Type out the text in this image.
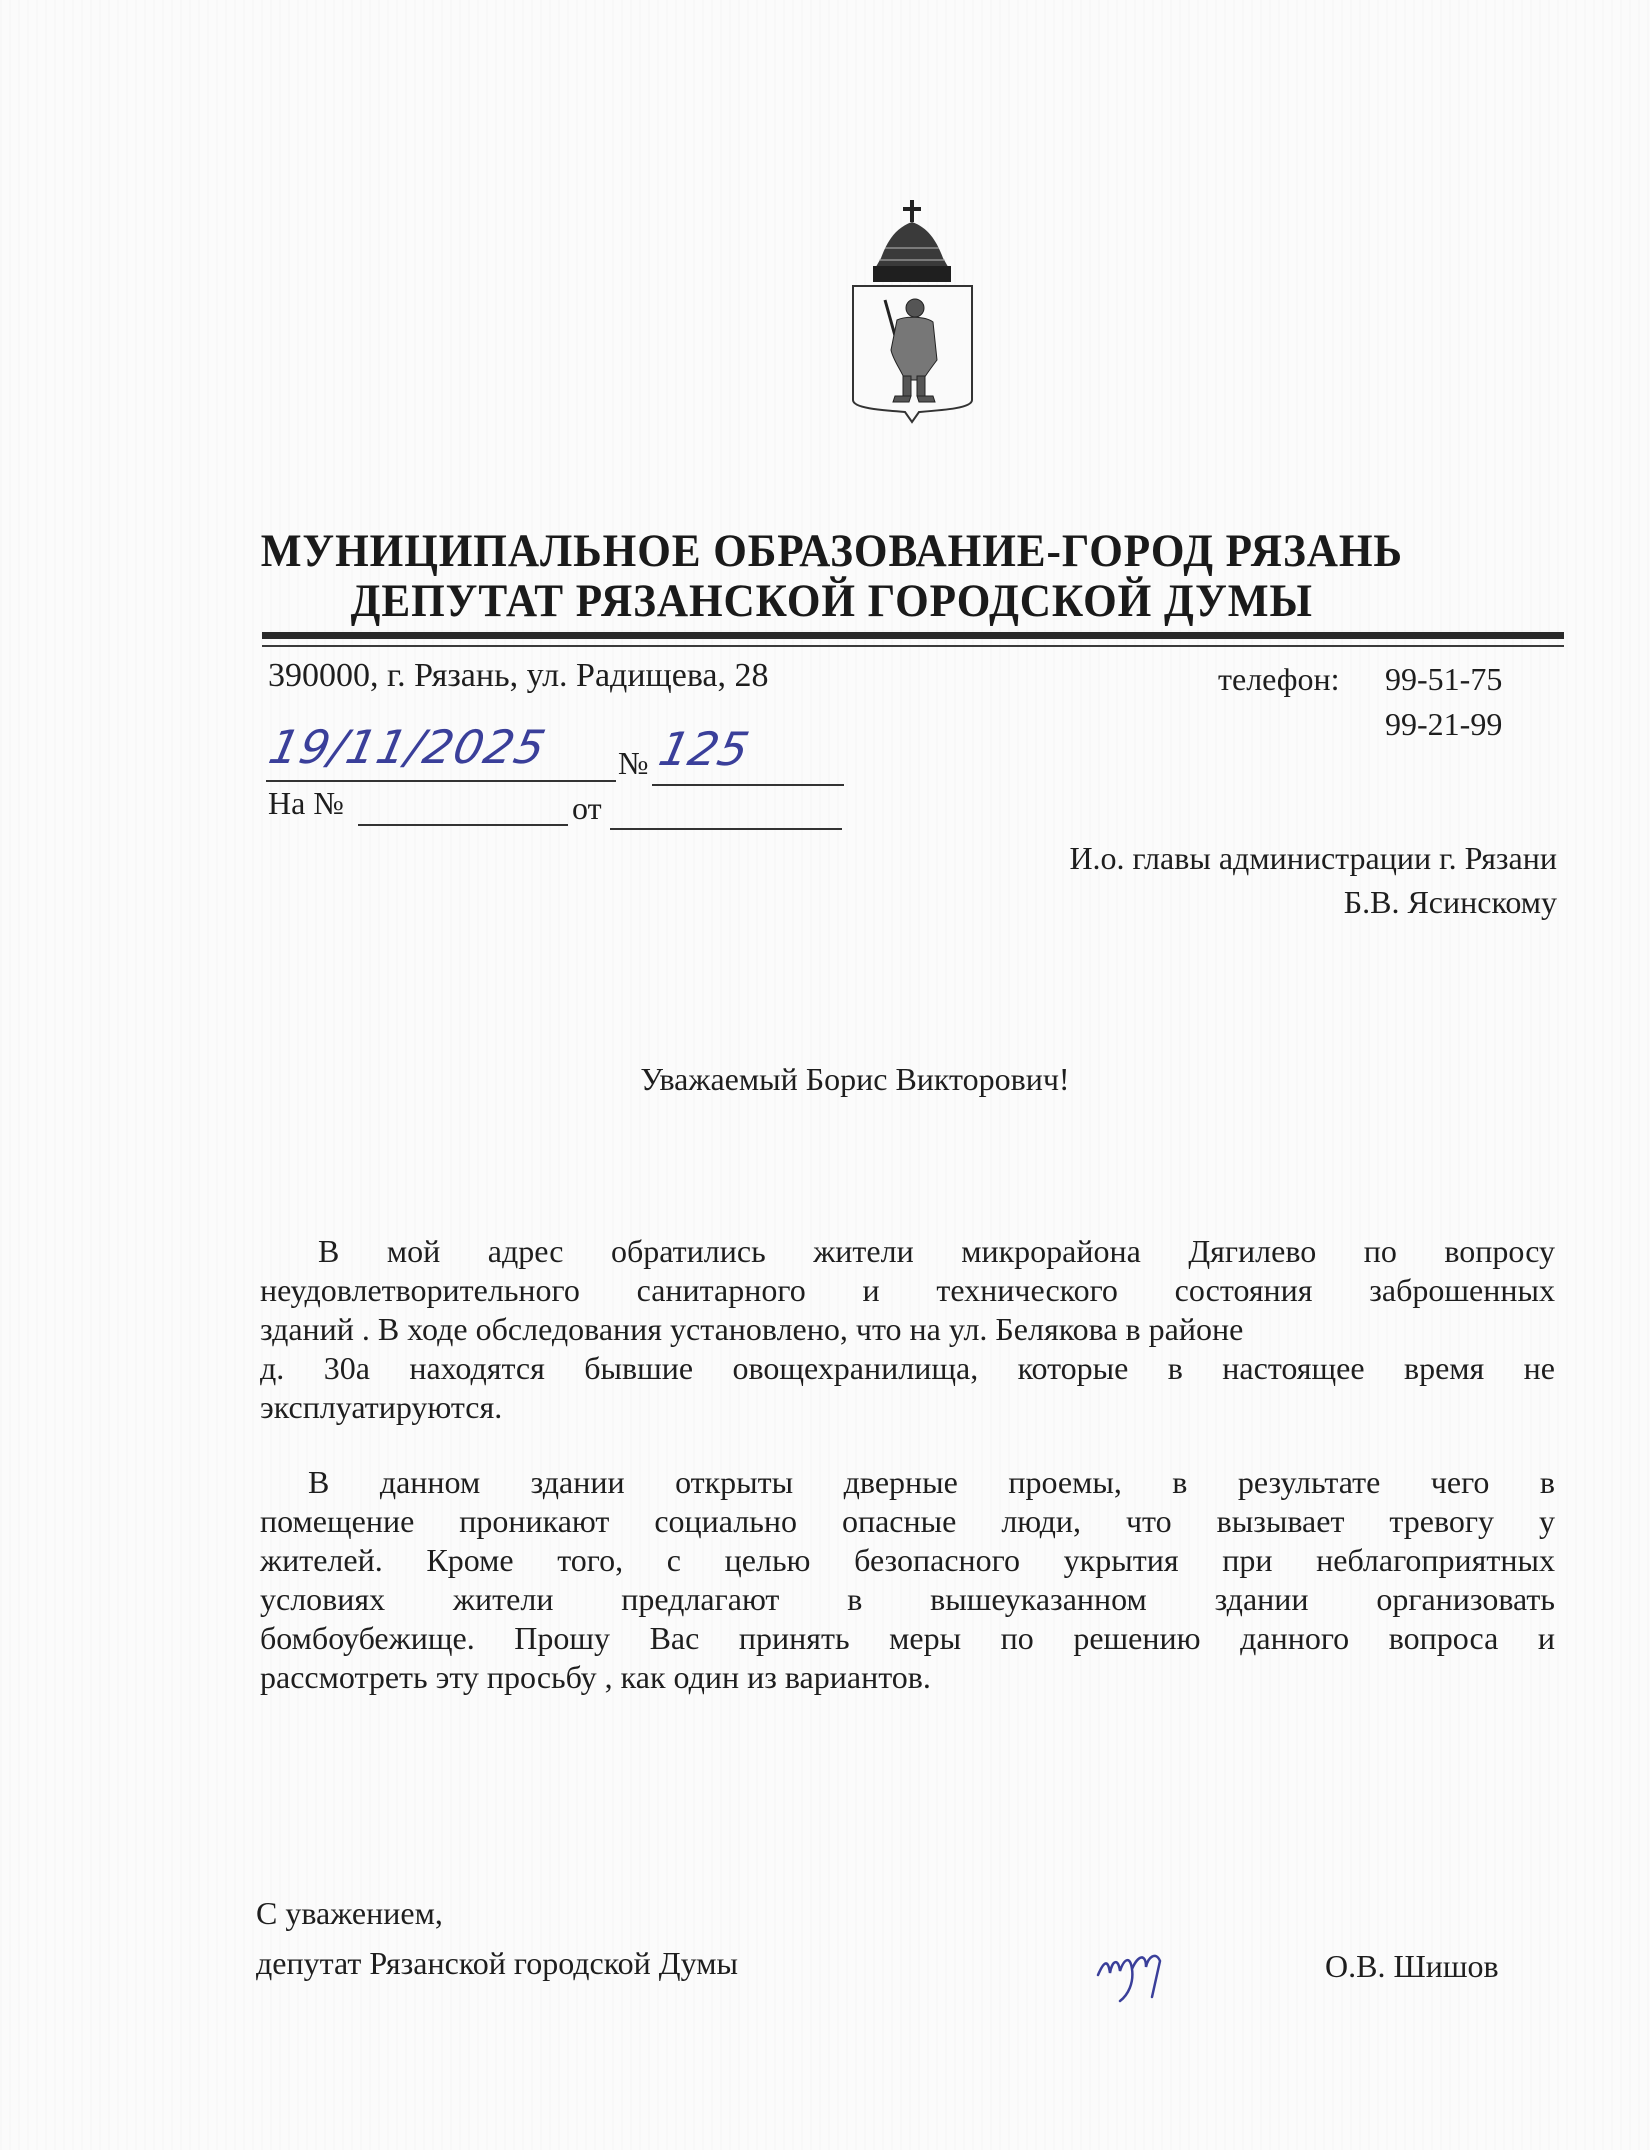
МУНИЦИПАЛЬНОЕ ОБРАЗОВАНИЕ-ГОРОД РЯЗАНЬ
ДЕПУТАТ РЯЗАНСКОЙ ГОРОДСКОЙ ДУМЫ
390000, г. Рязань, ул. Радищева, 28	телефон: 99-51-75
99-21-99
19/11/2025 № 125
На №	от
И.о. главы администрации г. Рязани
Б.В. Ясинскому
Уважаемый Борис Викторович!
В мой адрес обратились жители микрорайона Дягилево по вопросу
неудовлетворительного санитарного и технического состояния заброшенных
зданий . В ходе обследования установлено, что на ул. Белякова в районе
д. 30а находятся бывшие овощехранилища, которые в настоящее время не
эксплуатируются.
В данном здании открыты дверные проемы, в результате чего в
помещение проникают социально опасные люди, что вызывает тревогу у
жителей. Кроме того, с целью безопасного укрытия при неблагоприятных
условиях жители предлагают в вышеуказанном здании организовать
бомбоубежище. Прошу Вас принять меры по решению данного вопроса и
рассмотреть эту просьбу , как один из вариантов.
С уважением,
депутат Рязанской городской Думы	О.В. Шишов
